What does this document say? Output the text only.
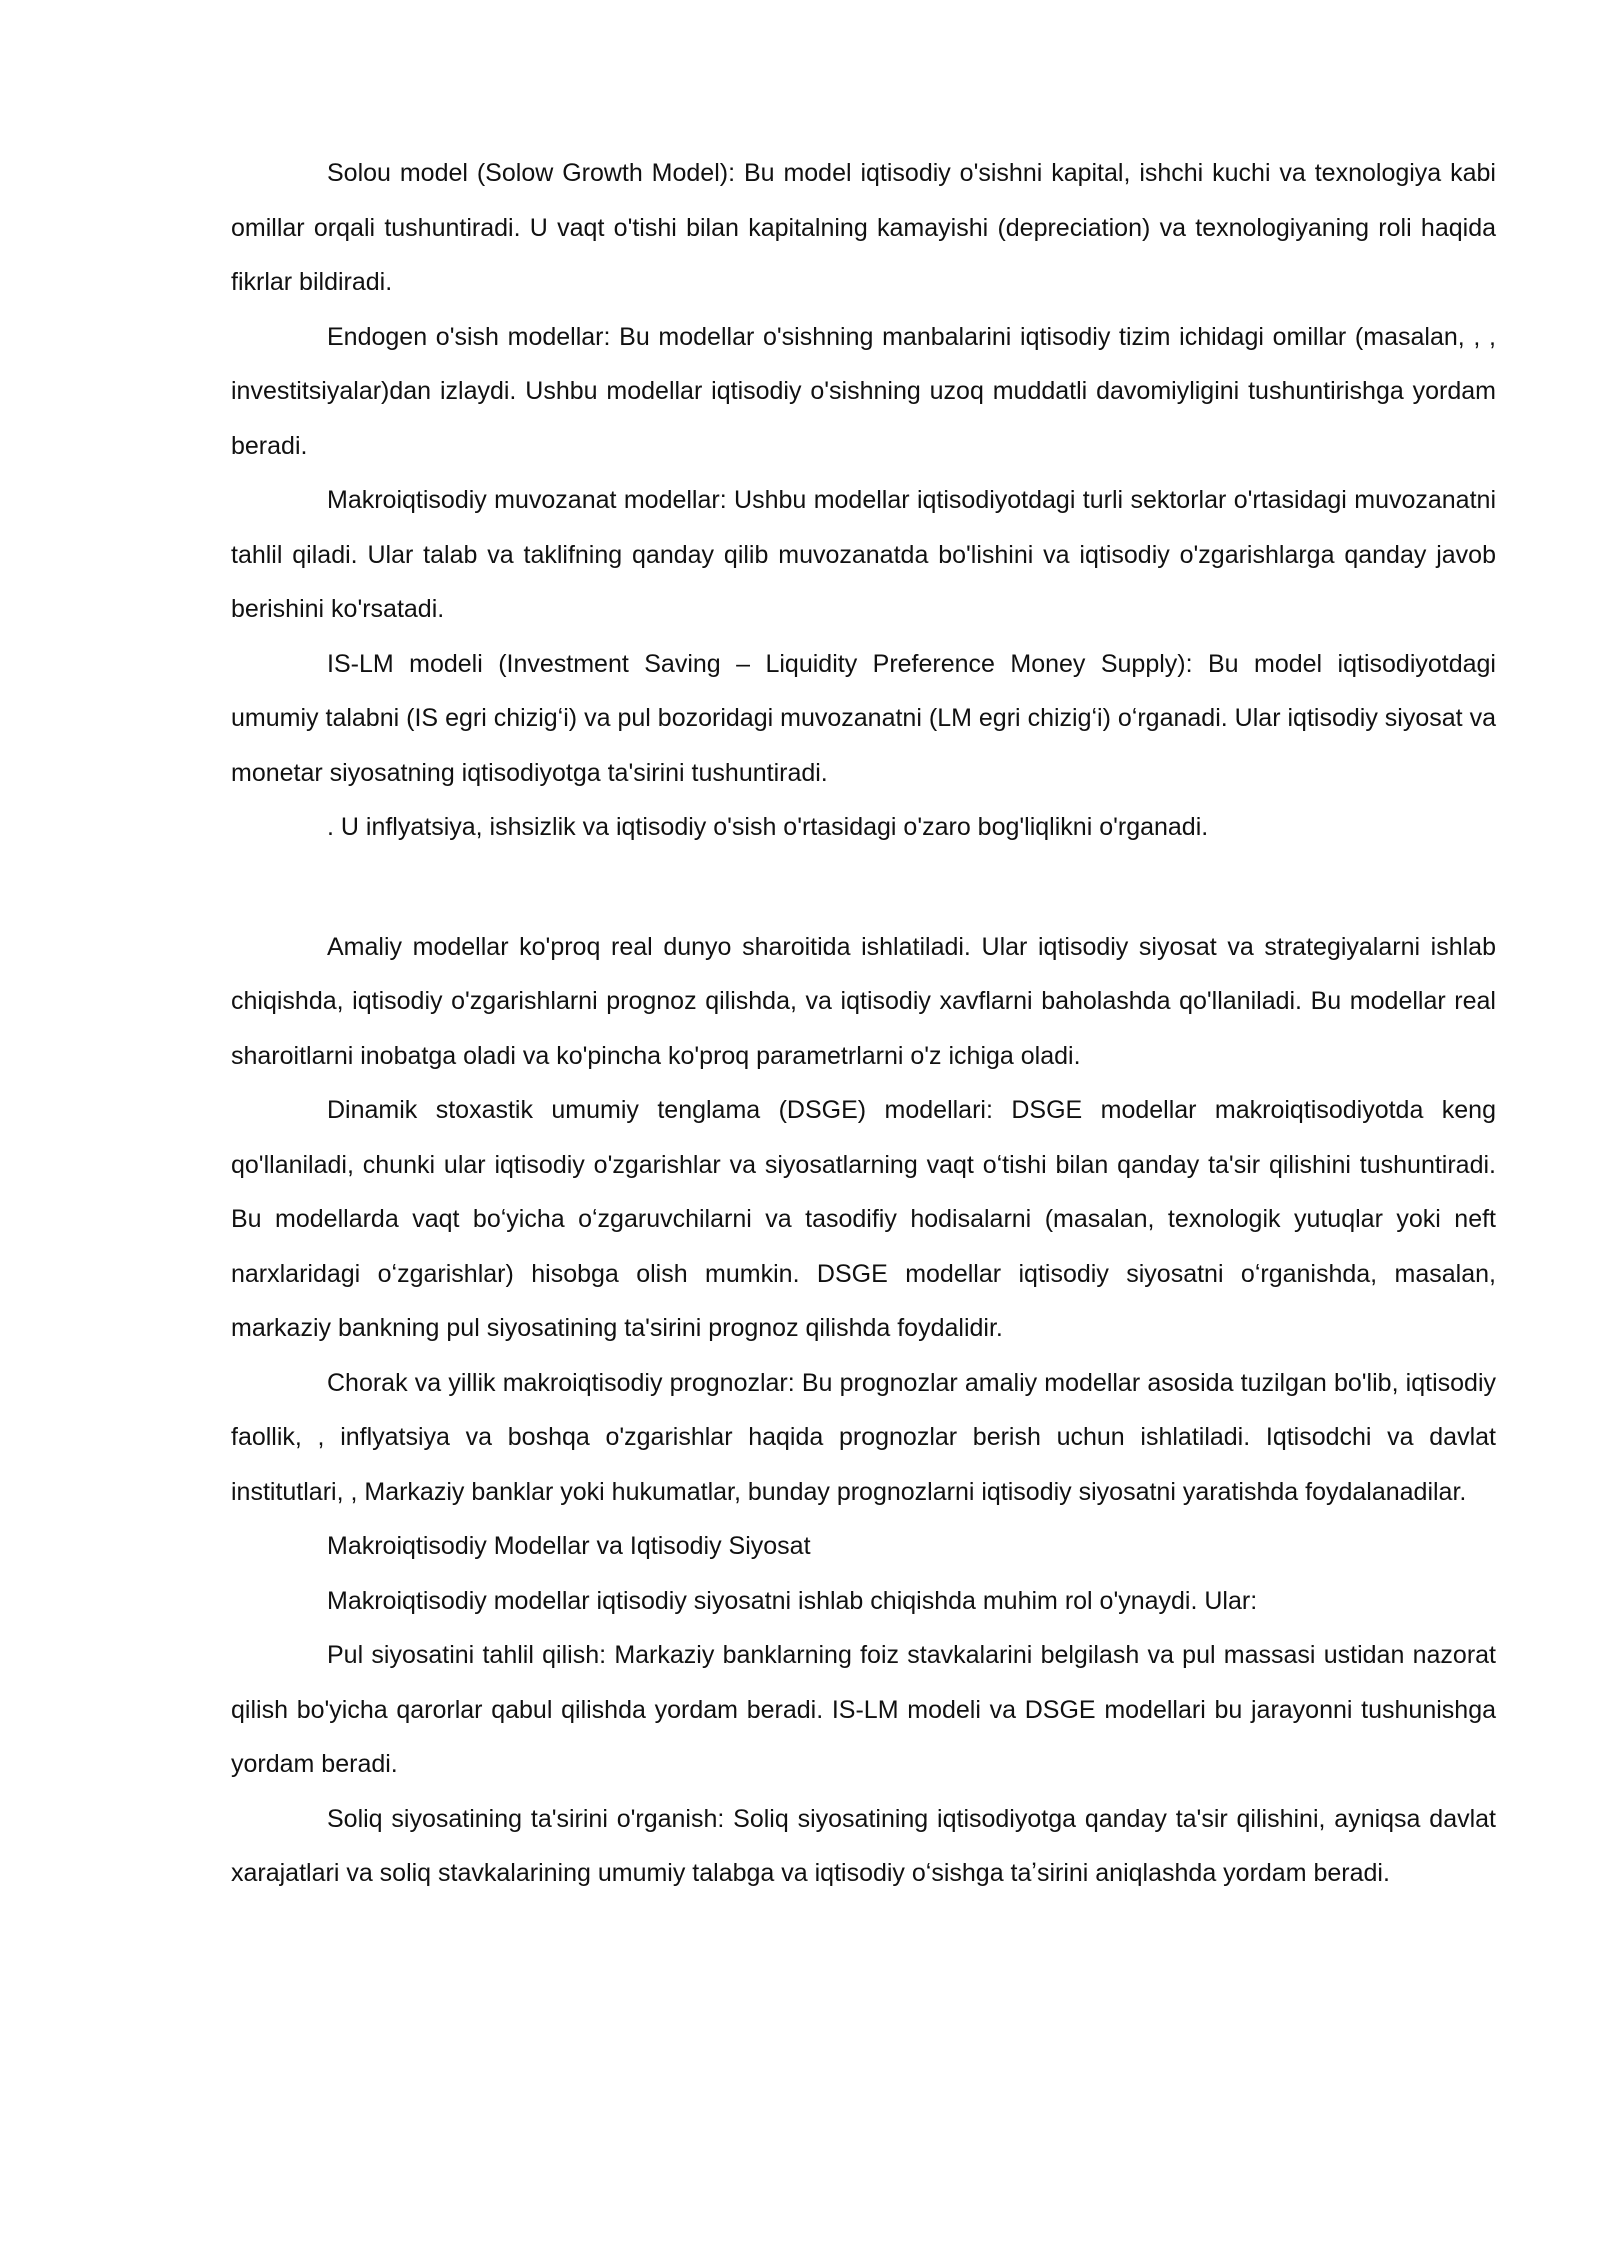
Solou model (Solow Growth Model): Bu model iqtisodiy o'sishni kapital, ishchi kuchi va texnologiya kabi omillar orqali tushuntiradi. U vaqt o'tishi bilan kapitalning kamayishi (depreciation) va texnologiyaning roli haqida fikrlar bildiradi.

Endogen o'sish modellar: Bu modellar o'sishning manbalarini iqtisodiy tizim ichidagi omillar (masalan, , , investitsiyalar)dan izlaydi. Ushbu modellar iqtisodiy o'sishning uzoq muddatli davomiyligini tushuntirishga yordam beradi.

Makroiqtisodiy muvozanat modellar: Ushbu modellar iqtisodiyotdagi turli sektorlar o'rtasidagi muvozanatni tahlil qiladi. Ular talab va taklifning qanday qilib muvozanatda bo'lishini va iqtisodiy o'zgarishlarga qanday javob berishini ko'rsatadi.

IS-LM modeli (Investment Saving – Liquidity Preference Money Supply): Bu model iqtisodiyotdagi umumiy talabni (IS egri chizigʻi) va pul bozoridagi muvozanatni (LM egri chizigʻi) oʻrganadi. Ular iqtisodiy siyosat va monetar siyosatning iqtisodiyotga ta'sirini tushuntiradi.

. U inflyatsiya, ishsizlik va iqtisodiy o'sish o'rtasidagi o'zaro bog'liqlikni o'rganadi.

Amaliy modellar ko'proq real dunyo sharoitida ishlatiladi. Ular iqtisodiy siyosat va strategiyalarni ishlab chiqishda, iqtisodiy o'zgarishlarni prognoz qilishda, va iqtisodiy xavflarni baholashda qo'llaniladi. Bu modellar real sharoitlarni inobatga oladi va ko'pincha ko'proq parametrlarni o'z ichiga oladi.

Dinamik stoxastik umumiy tenglama (DSGE) modellari: DSGE modellar makroiqtisodiyotda keng qo'llaniladi, chunki ular iqtisodiy o'zgarishlar va siyosatlarning vaqt oʻtishi bilan qanday ta'sir qilishini tushuntiradi. Bu modellarda vaqt boʻyicha oʻzgaruvchilarni va tasodifiy hodisalarni (masalan, texnologik yutuqlar yoki neft narxlaridagi oʻzgarishlar) hisobga olish mumkin. DSGE modellar iqtisodiy siyosatni oʻrganishda, masalan, markaziy bankning pul siyosatining ta'sirini prognoz qilishda foydalidir.

Chorak va yillik makroiqtisodiy prognozlar: Bu prognozlar amaliy modellar asosida tuzilgan bo'lib, iqtisodiy faollik, , inflyatsiya va boshqa o'zgarishlar haqida prognozlar berish uchun ishlatiladi. Iqtisodchi va davlat institutlari, , Markaziy banklar yoki hukumatlar, bunday prognozlarni iqtisodiy siyosatni yaratishda foydalanadilar.

Makroiqtisodiy Modellar va Iqtisodiy Siyosat

Makroiqtisodiy modellar iqtisodiy siyosatni ishlab chiqishda muhim rol o'ynaydi. Ular:

Pul siyosatini tahlil qilish: Markaziy banklarning foiz stavkalarini belgilash va pul massasi ustidan nazorat qilish bo'yicha qarorlar qabul qilishda yordam beradi. IS-LM modeli va DSGE modellari bu jarayonni tushunishga yordam beradi.

Soliq siyosatining ta'sirini o'rganish: Soliq siyosatining iqtisodiyotga qanday ta'sir qilishini, ayniqsa davlat xarajatlari va soliq stavkalarining umumiy talabga va iqtisodiy oʻsishga taʼsirini aniqlashda yordam beradi.
